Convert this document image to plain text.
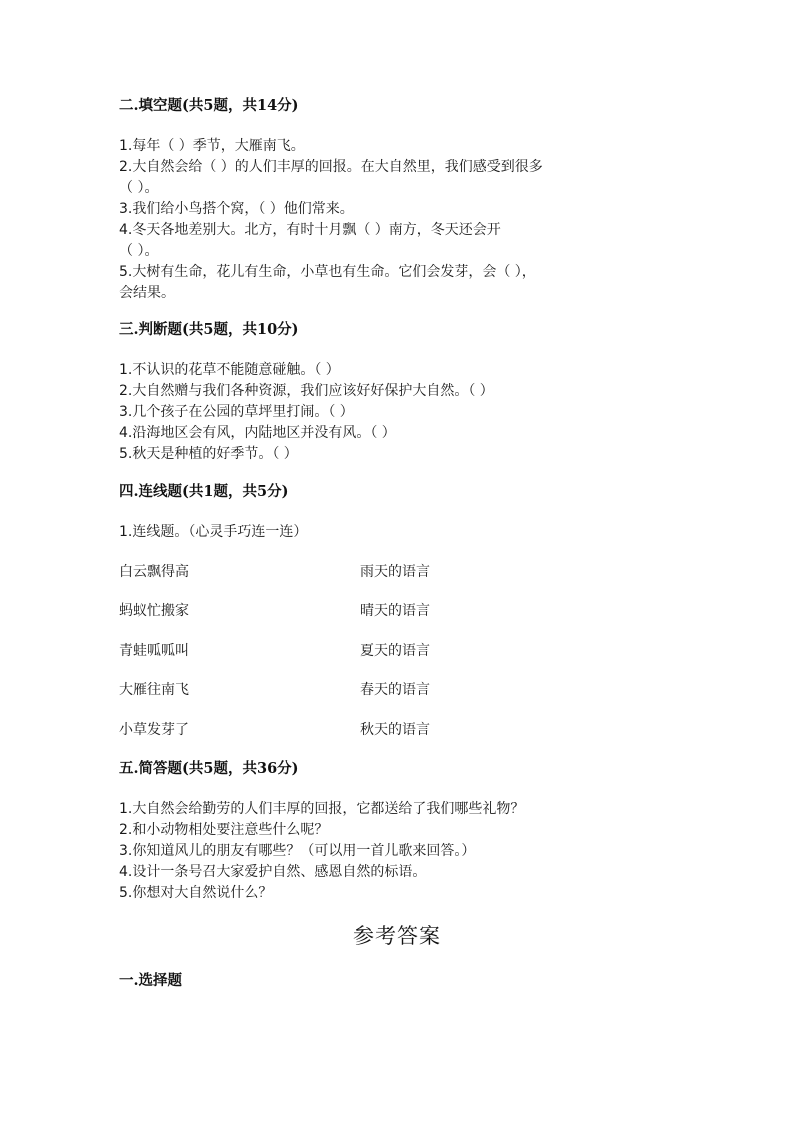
二.填空题(共5题，共14分)
1.每年（ ）季节，大雁南飞。
2.大自然会给（ ）的人们丰厚的回报。在大自然里，我们感受到很多
（ ）。
3.我们给小鸟搭个窝，（ ）他们常来。
4.冬天各地差别大。北方，有时十月飘（ ）南方，冬天还会开
（ ）。
5.大树有生命，花儿有生命，小草也有生命。它们会发芽，会（ ），
会结果。
三.判断题(共5题，共10分)
1.不认识的花草不能随意碰触。（ ）
2.大自然赠与我们各种资源，我们应该好好保护大自然。（ ）
3.几个孩子在公园的草坪里打闹。（ ）
4.沿海地区会有风，内陆地区并没有风。（ ）
5.秋天是种植的好季节。（ ）
四.连线题(共1题，共5分)
1.连线题。（心灵手巧连一连）
白云飘得高	雨天的语言
蚂蚁忙搬家	晴天的语言
青蛙呱呱叫	夏天的语言
大雁往南飞	春天的语言
小草发芽了	秋天的语言
五.简答题(共5题，共36分)
1.大自然会给勤劳的人们丰厚的回报，它都送给了我们哪些礼物？
2.和小动物相处要注意些什么呢？
3.你知道风儿的朋友有哪些？（可以用一首儿歌来回答。）
4.设计一条号召大家爱护自然、感恩自然的标语。
5.你想对大自然说什么？
参考答案
一.选择题
